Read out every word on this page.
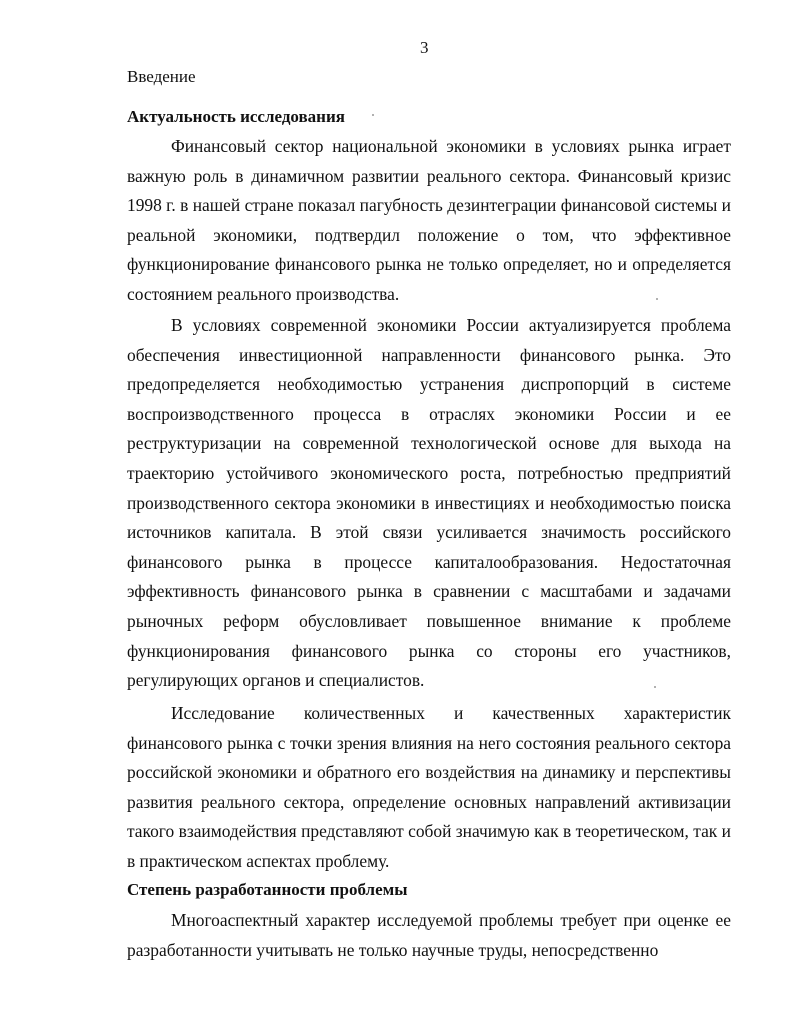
3
Введение
Актуальность исследования

Финансовый сектор национальной экономики в условиях рынка играет важную роль в динамичном развитии реального сектора. Финансовый кризис 1998 г. в нашей стране показал пагубность дезинтеграции финансовой системы и реальной экономики, подтвердил положение о том, что эффективное функционирование финансового рынка не только определяет, но и определяется состоянием реального производства.

В условиях современной экономики России актуализируется проблема обеспечения инвестиционной направленности финансового рынка. Это предопределяется необходимостью устранения диспропорций в системе воспроизводственного процесса в отраслях экономики России и ее реструктуризации на современной технологической основе для выхода на траекторию устойчивого экономического роста, потребностью предприятий производственного сектора экономики в инвестициях и необходимостью поиска источников капитала. В этой связи усиливается значимость российского финансового рынка в процессе капиталообразования. Недостаточная эффективность финансового рынка в сравнении с масштабами и задачами рыночных реформ обусловливает повышенное внимание к проблеме функционирования финансового рынка со стороны его участников, регулирующих органов и специалистов.

Исследование количественных и качественных характеристик финансового рынка с точки зрения влияния на него состояния реального сектора российской экономики и обратного его воздействия на динамику и перспективы развития реального сектора, определение основных направлений активизации такого взаимодействия представляют собой значимую как в теоретическом, так и в практическом аспектах проблему.

Степень разработанности проблемы

Многоаспектный характер исследуемой проблемы требует при оценке ее разработанности учитывать не только научные труды, непосредственно
